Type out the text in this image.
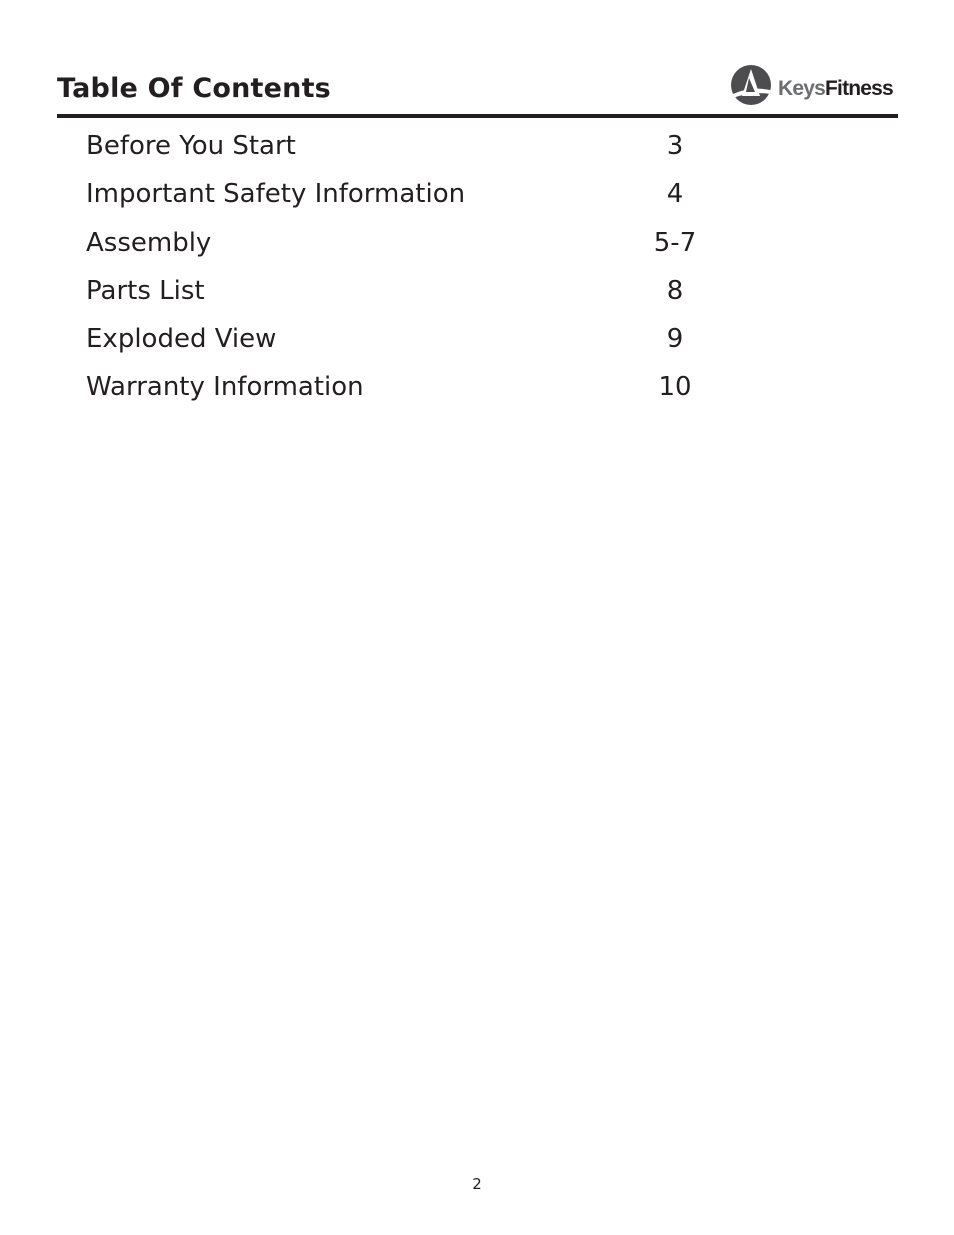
Table Of Contents	KeysFitness
Before You Start	3
Important Safety Information	4
Assembly	5-7
Parts List	8
Exploded View	9
Warranty Information	10
2
